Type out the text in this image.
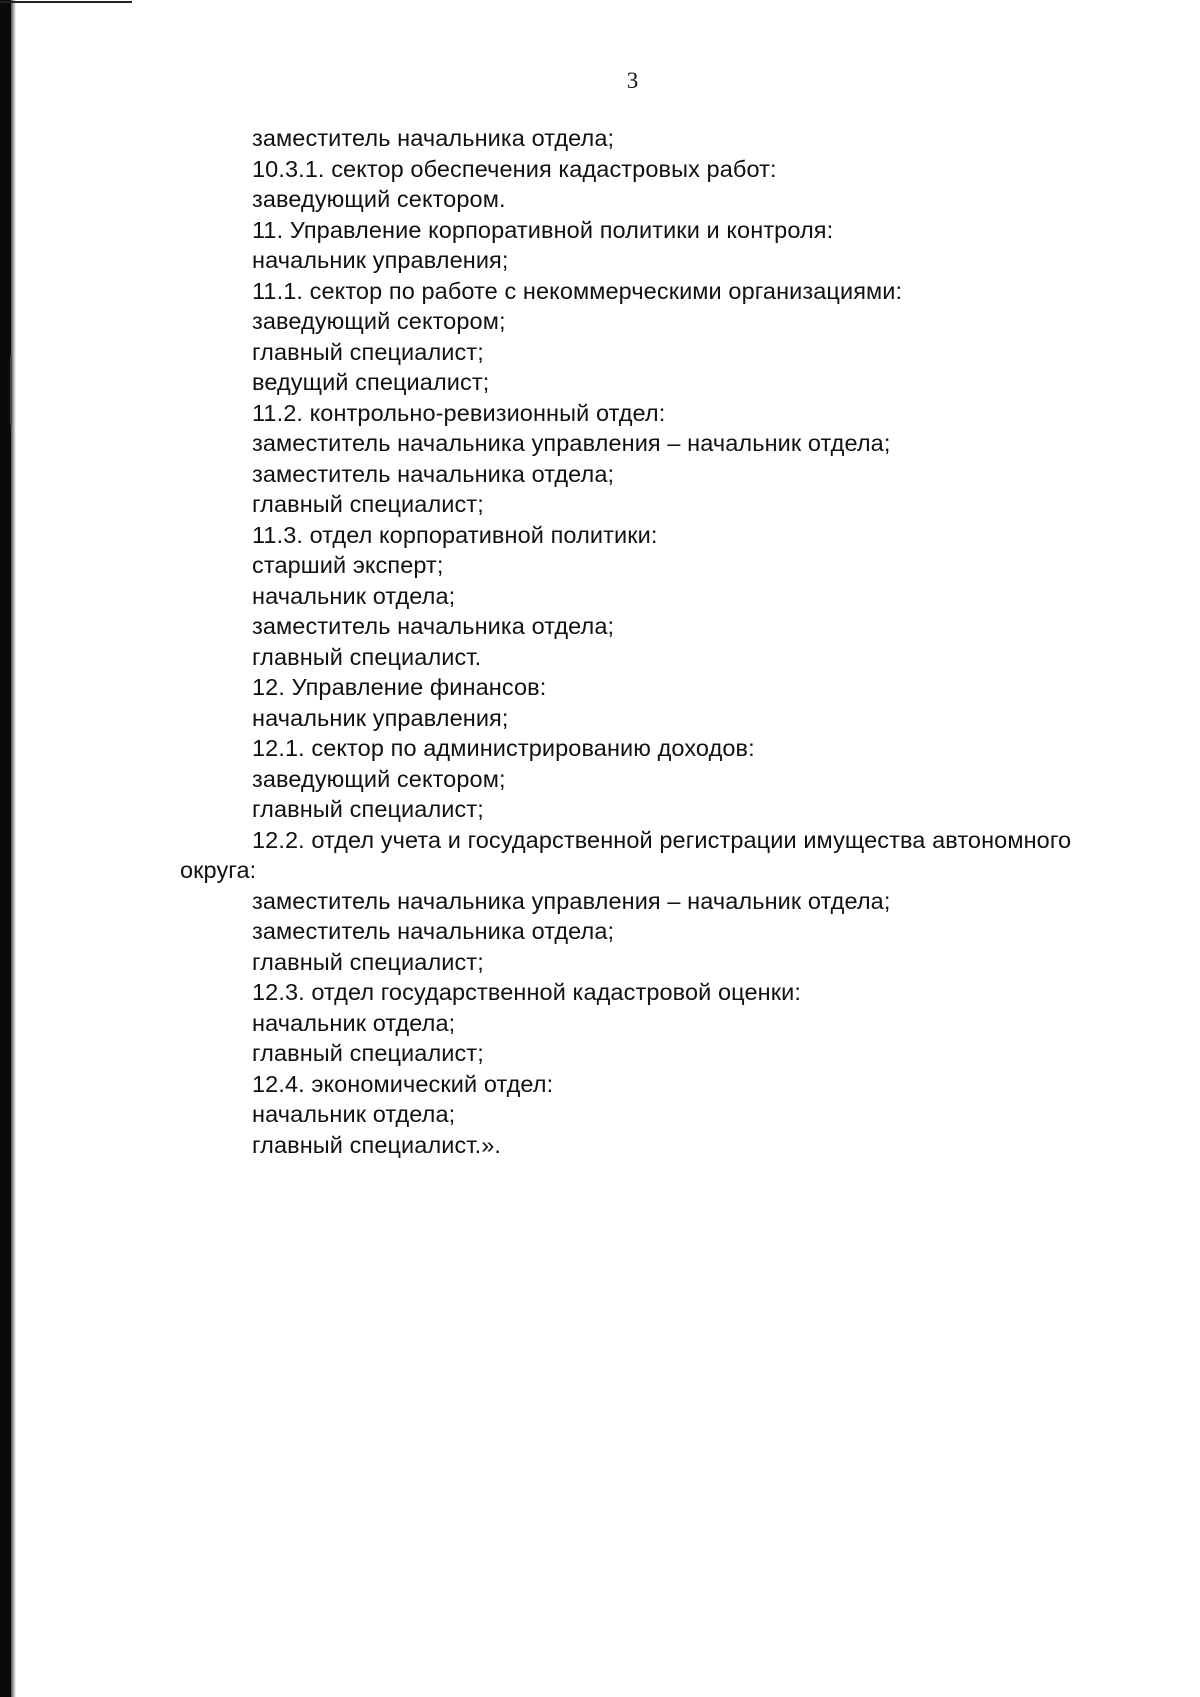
3
заместитель начальника отдела;
10.3.1. сектор обеспечения кадастровых работ:
заведующий сектором.
11. Управление корпоративной политики и контроля:
начальник управления;
11.1. сектор по работе с некоммерческими организациями:
заведующий сектором;
главный специалист;
ведущий специалист;
11.2. контрольно-ревизионный отдел:
заместитель начальника управления – начальник отдела;
заместитель начальника отдела;
главный специалист;
11.3. отдел корпоративной политики:
старший эксперт;
начальник отдела;
заместитель начальника отдела;
главный специалист.
12. Управление финансов:
начальник управления;
12.1. сектор по администрированию доходов:
заведующий сектором;
главный специалист;
12.2. отдел учета и государственной регистрации имущества автономного
округа:
заместитель начальника управления – начальник отдела;
заместитель начальника отдела;
главный специалист;
12.3. отдел государственной кадастровой оценки:
начальник отдела;
главный специалист;
12.4. экономический отдел:
начальник отдела;
главный специалист.».
